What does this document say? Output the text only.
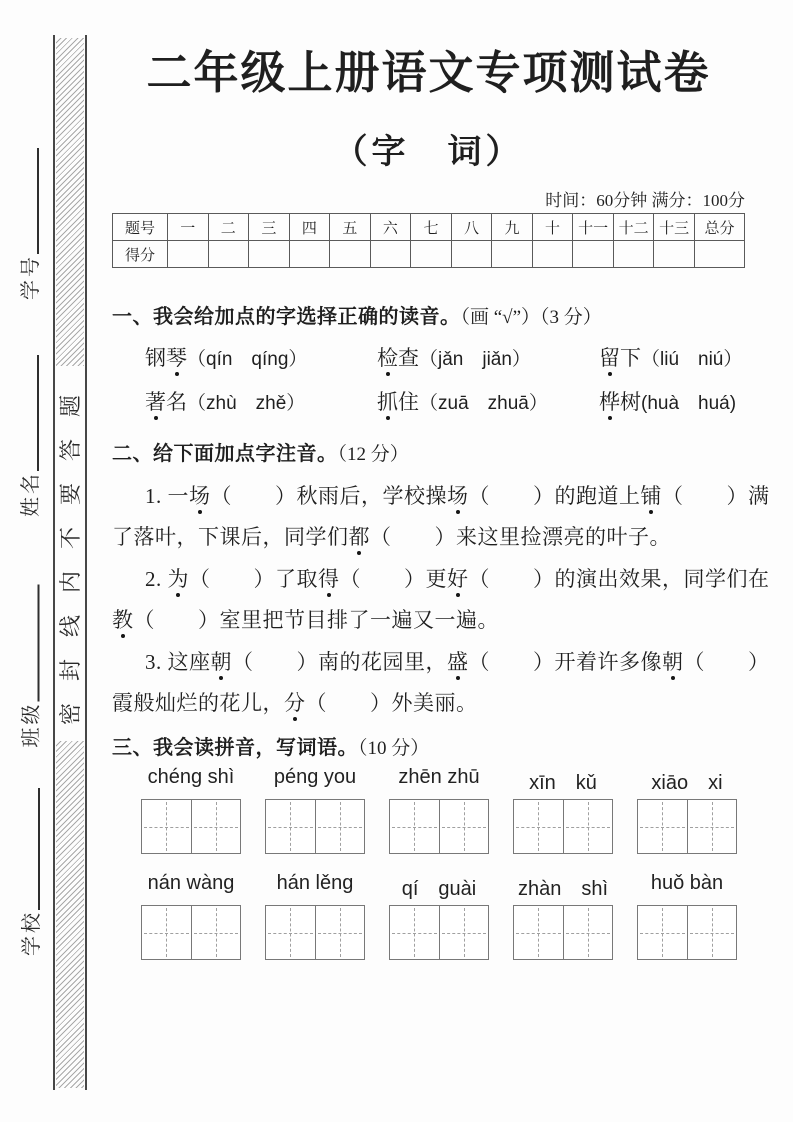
学号
姓名
班级
学校
密封线内不要答题
二年级上册语文专项测试卷
（字　词）
时间：60分钟 满分：100分
题号	一	二	三	四	五	六	七	八	九	十	十一	十二	十三	总分
得分														
一、我会给加点的字选择正确的读音。（画 “√”）（3 分）
钢琴（qín　qíng）	检查（jǎn　jiǎn）	留下（liú　niú）
著名（zhù　zhě）	抓住（zuā　zhuā） 桦树(huà　huá)
二、给下面加点字注音。（12 分）
1. 一场（　　）秋雨后，学校操场（　　）的跑道上铺（　　）满
了落叶，下课后，同学们都（　　）来这里捡漂亮的叶子。
2. 为（　　）了取得（　　）更好（　　）的演出效果，同学们在
教（　　）室里把节目排了一遍又一遍。
3. 这座朝（　　）南的花园里，盛（　　）开着许多像朝（　　）
霞般灿烂的花儿，分（　　）外美丽。
三、我会读拼音，写词语。（10 分）
chéng shì	péng you	zhēn zhū	xīn　kǔ	xiāo　xi
nán wàng	hán lěng	qí　guài	zhàn　shì	huǒ bàn
